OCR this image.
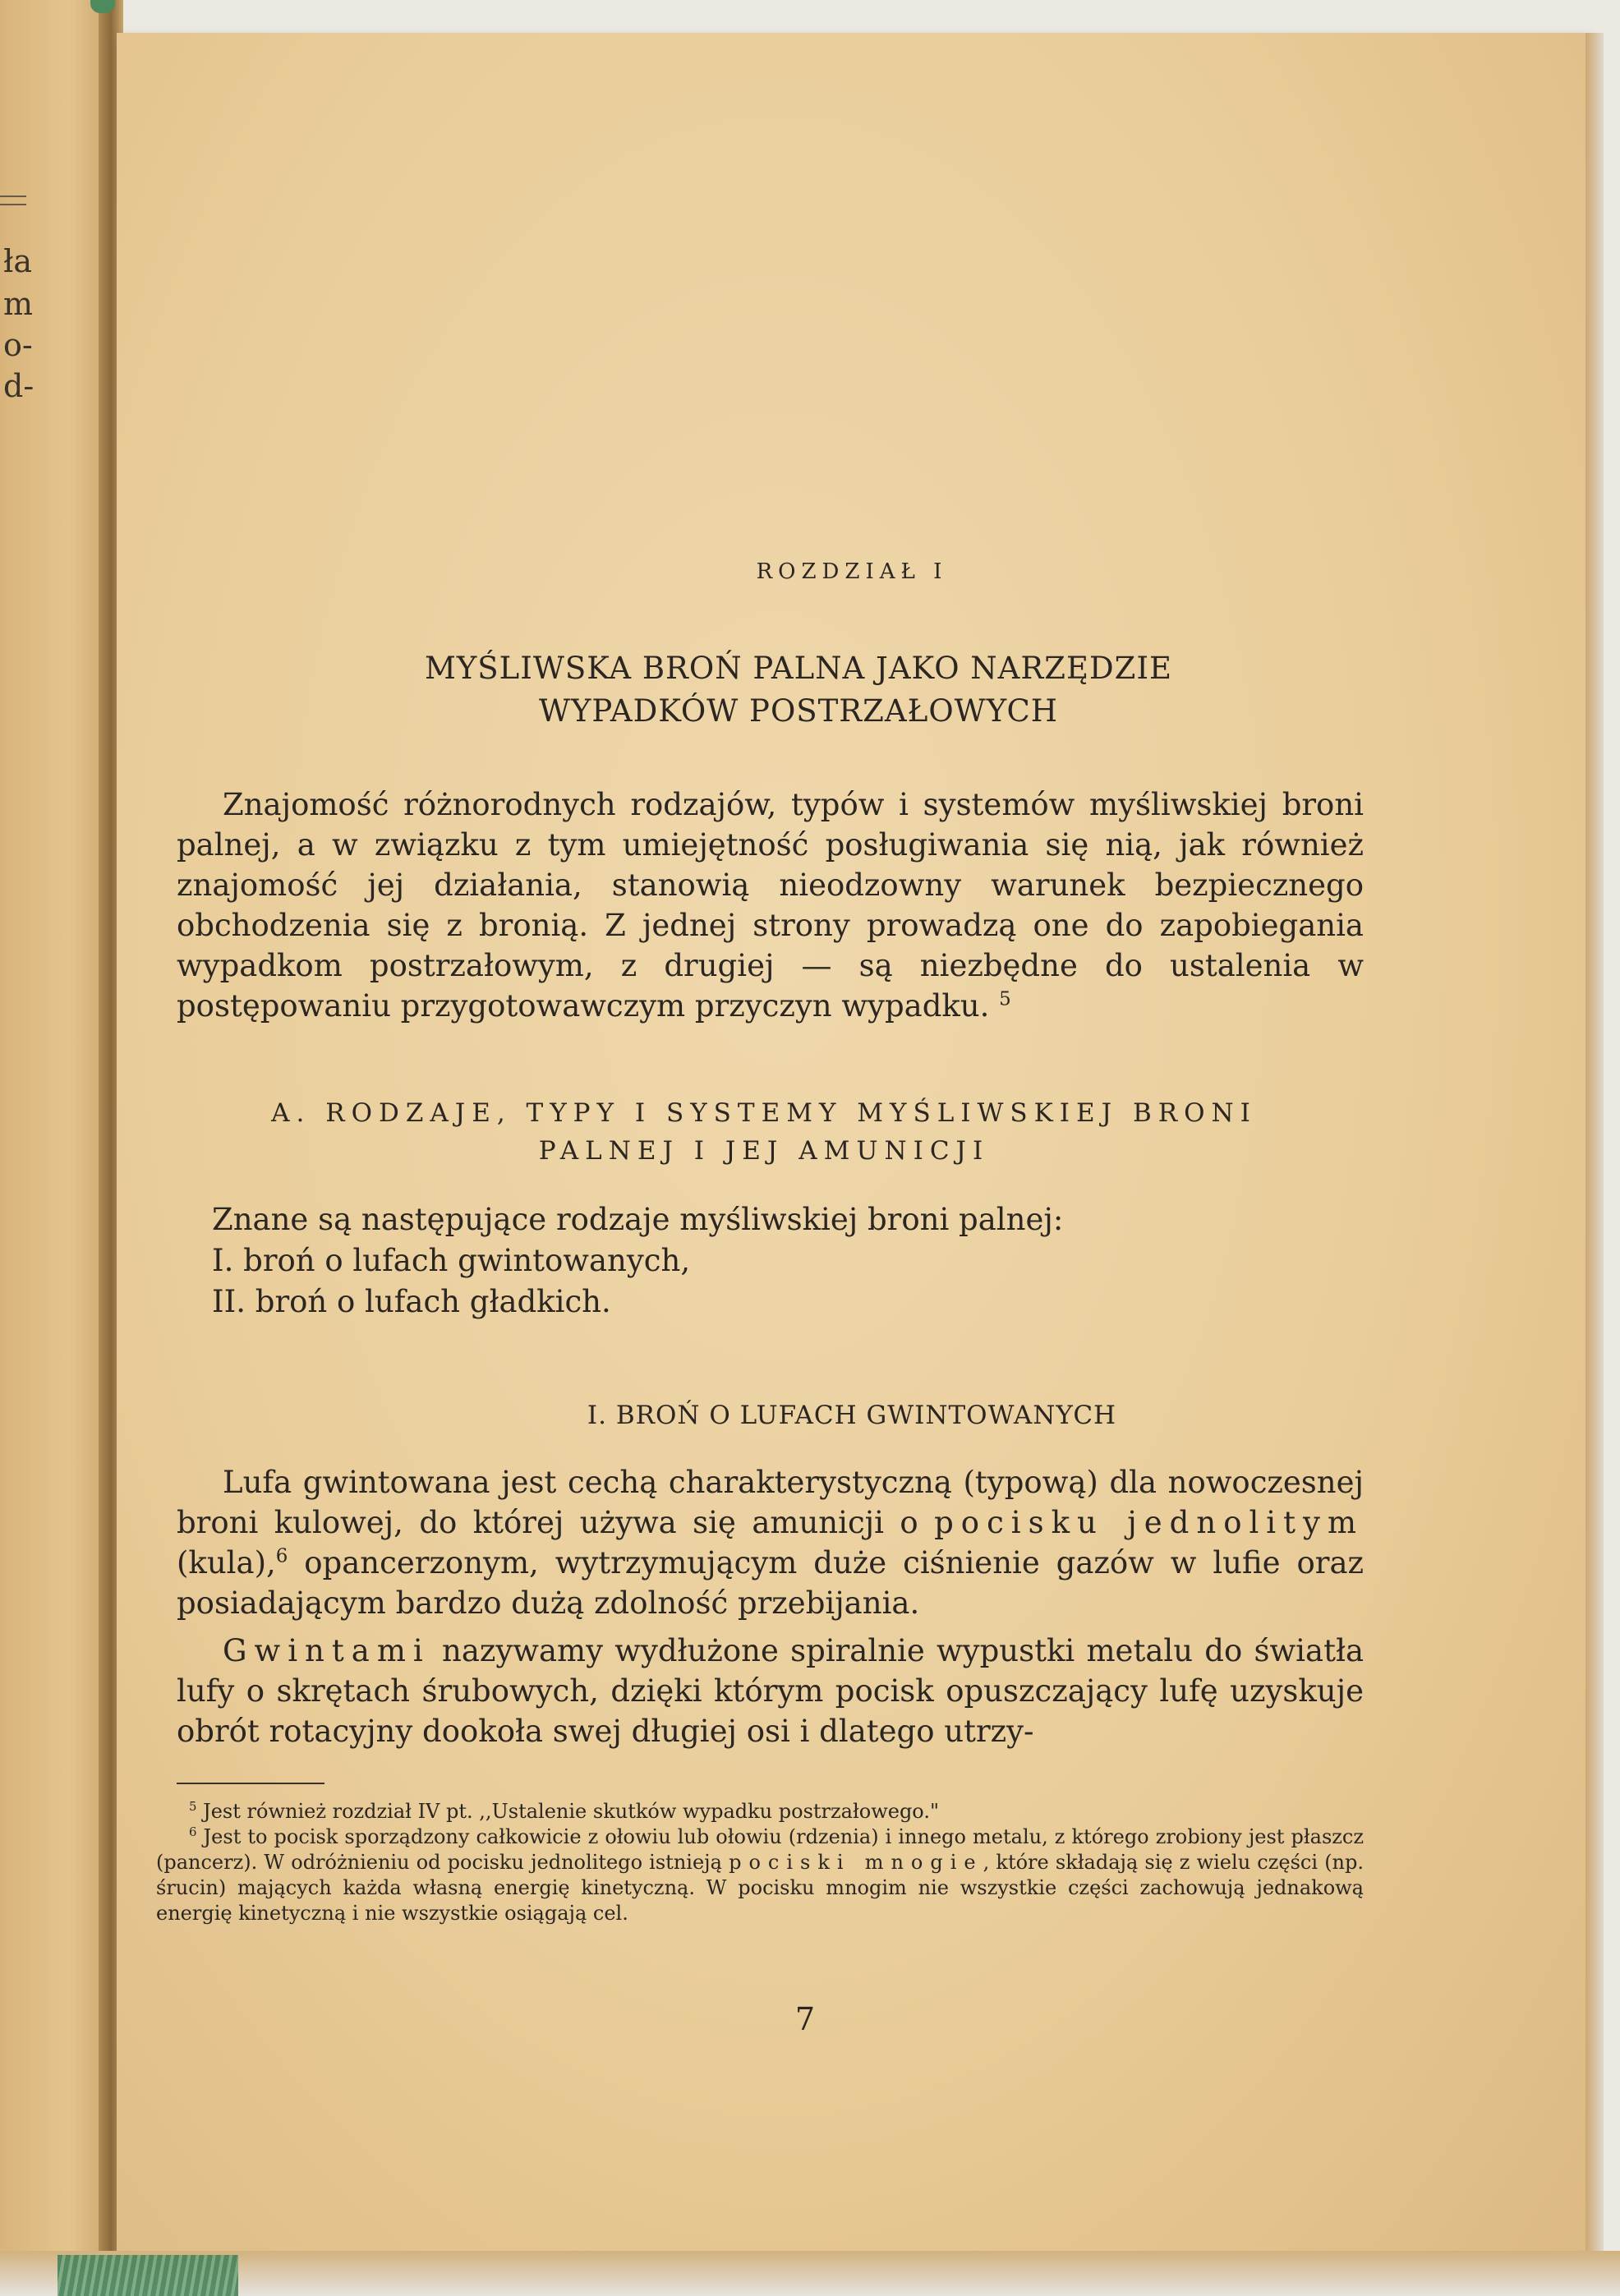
ła
m
o-
d-
ROZDZIAŁ I
MYŚLIWSKA BROŃ PALNA JAKO NARZĘDZIE
WYPADKÓW POSTRZAŁOWYCH
Znajomość różnorodnych rodzajów, typów i systemów myśliwskiej broni palnej, a w związku z tym umiejętność posługiwania się nią, jak również znajomość jej działania, stanowią nieodzowny warunek bezpiecznego obchodzenia się z bronią. Z jednej strony prowadzą one do zapobiegania wypadkom postrzałowym, z drugiej — są niezbędne do ustalenia w postępowaniu przygotowawczym przyczyn wypadku. $^5$
A. RODZAJE, TYPY I SYSTEMY MYŚLIWSKIEJ BRONI
PALNEJ I JEJ AMUNICJI
Znane są następujące rodzaje myśliwskiej broni palnej:
I. broń o lufach gwintowanych,
II. broń o lufach gładkich.
I. BROŃ O LUFACH GWINTOWANYCH
Lufa gwintowana jest cechą charakterystyczną (typową) dla nowoczesnej broni kulowej, do której używa się amunicji o pocisku jednolitym (kula),$^6$ opancerzonym, wytrzymującym duże ciśnienie gazów w lufie oraz posiadającym bardzo dużą zdolność przebijania.
Gwintami nazywamy wydłużone spiralnie wypustki metalu do światła lufy o skrętach śrubowych, dzięki którym pocisk opuszczający lufę uzyskuje obrót rotacyjny dookoła swej długiej osi i dlatego utrzy-

$^5$ Jest również rozdział IV pt. ,,Ustalenie skutków wypadku postrzałowego."

$^6$ Jest to pocisk sporządzony całkowicie z ołowiu lub ołowiu (rdzenia) i innego metalu, z którego zrobiony jest płaszcz (pancerz). W odróżnieniu od pocisku jednolitego istnieją pociski mnogie, które składają się z wielu części (np. śrucin) mających każda własną energię kinetyczną. W pocisku mnogim nie wszystkie części zachowują jednakową energię kinetyczną i nie wszystkie osiągają cel.

7
